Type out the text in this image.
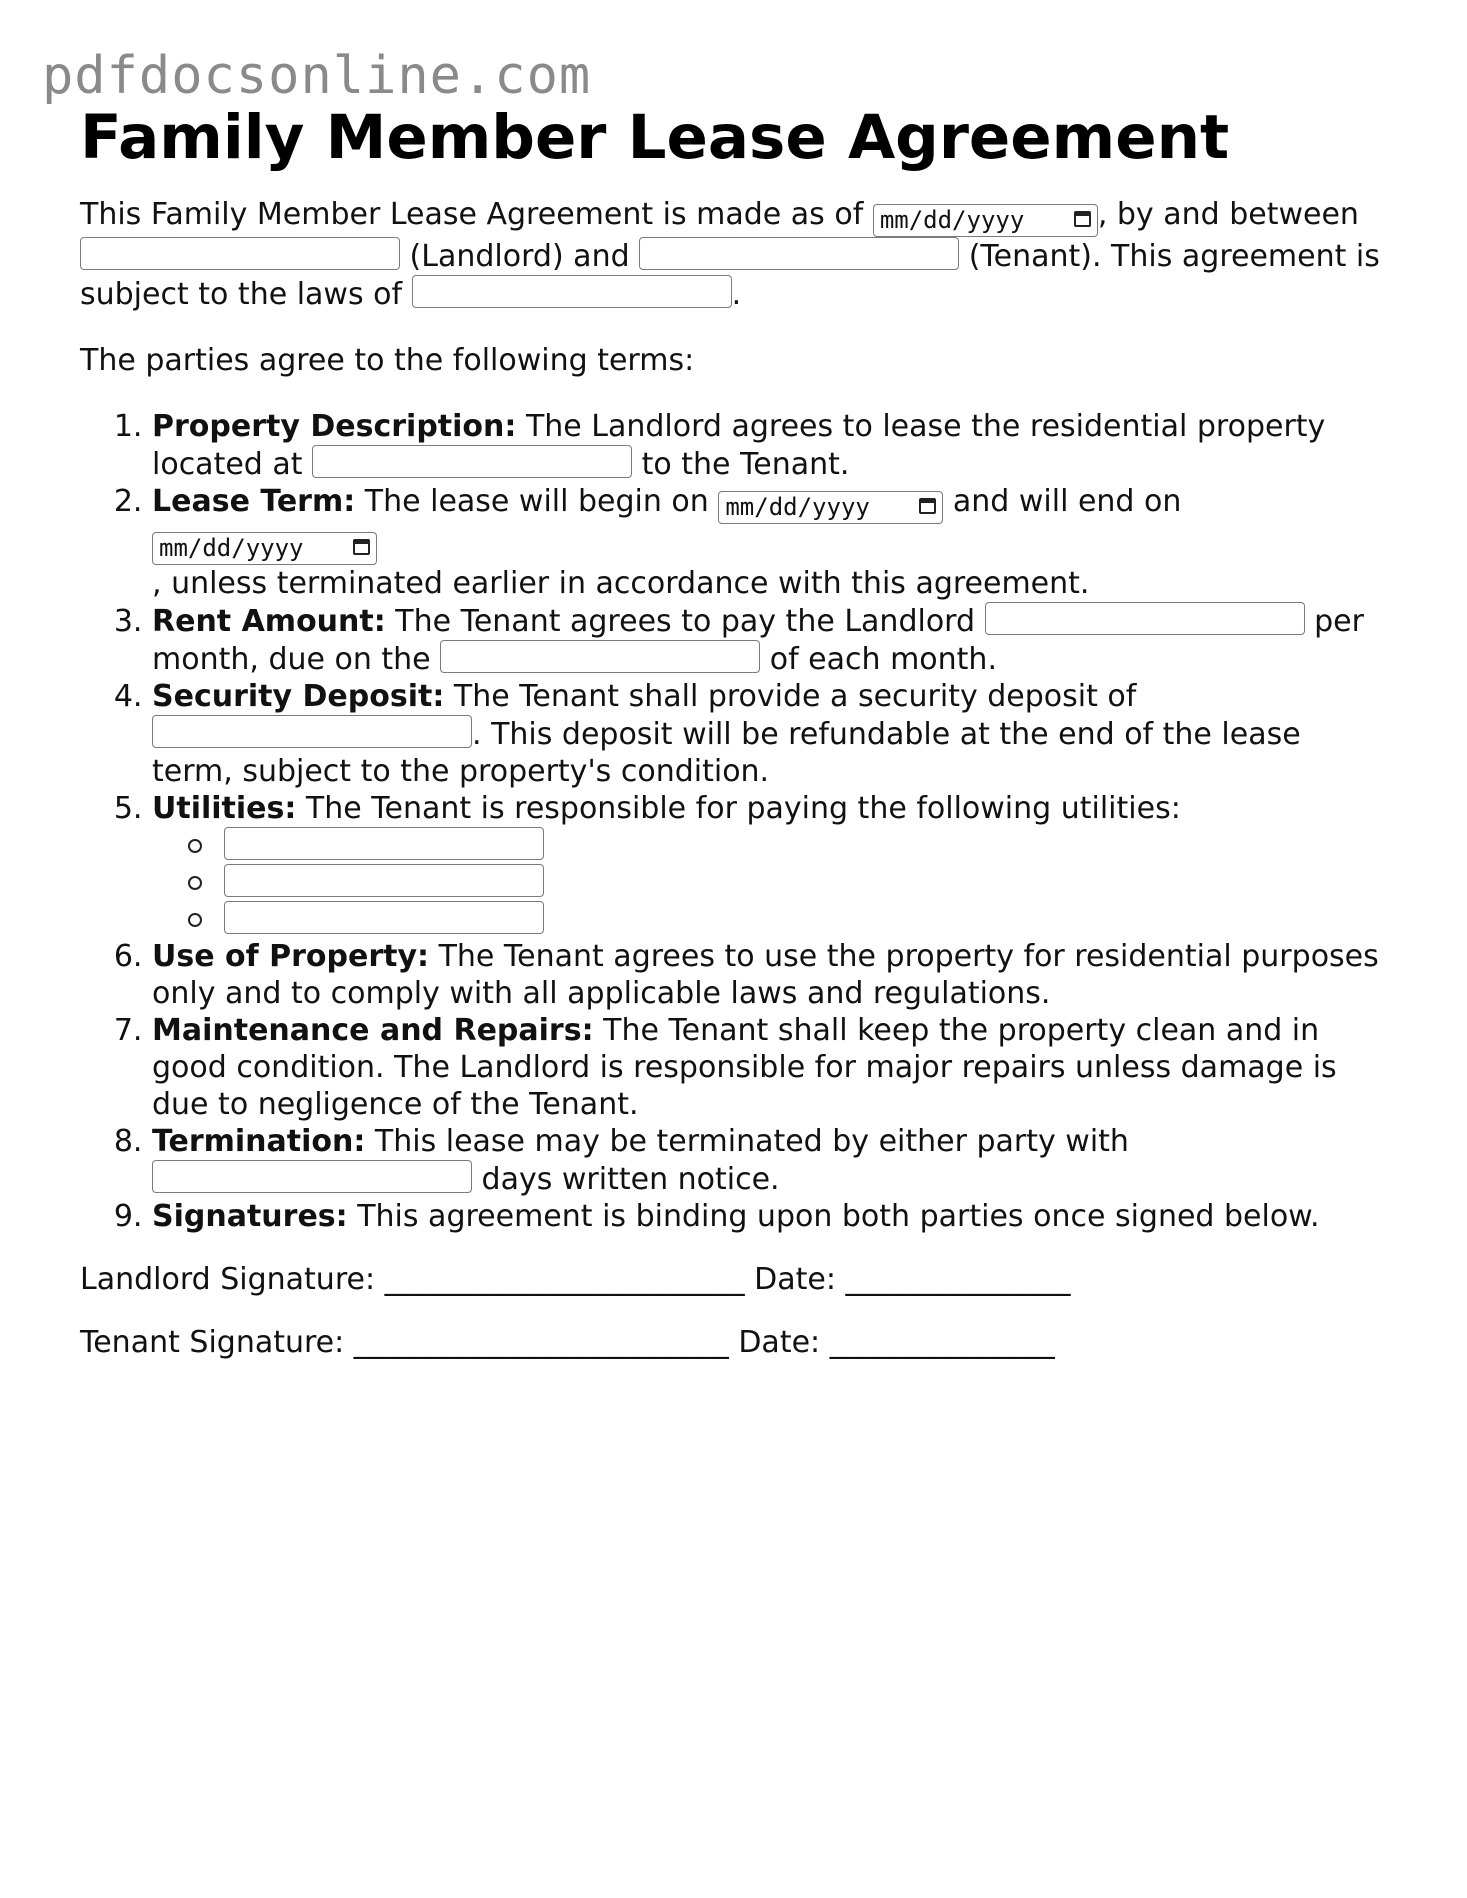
pdfdocsonline.com
Family Member Lease Agreement

This Family Member Lease Agreement is made as of mm/dd/yyyy , by and between  (Landlord) and	(Tenant). This agreement is subject to the laws of	.

The parties agree to the following terms:

1. Property Description: The Landlord agrees to lease the residential property located at	to the Tenant.
2. Lease Term: The lease will begin on mm/dd/yyyy	and will end on mm/dd/yyyy

, unless terminated earlier in accordance with this agreement.
3. Rent Amount: The Tenant agrees to pay the Landlord	per month, due on the	of each month.
4. Security Deposit: The Tenant shall provide a security deposit of . This deposit will be refundable at the end of the lease term, subject to the property's condition.
5. Utilities: The Tenant is responsible for paying the following utilities:
6. Use of Property: The Tenant agrees to use the property for residential purposes only and to comply with all applicable laws and regulations.
7. Maintenance and Repairs: The Tenant shall keep the property clean and in good condition. The Landlord is responsible for major repairs unless damage is due to negligence of the Tenant.
8. Termination: This lease may be terminated by either party with  days written notice.
9. Signatures: This agreement is binding upon both parties once signed below.

Landlord Signature: ________________________ Date: _______________

Tenant Signature: _________________________ Date: _______________
